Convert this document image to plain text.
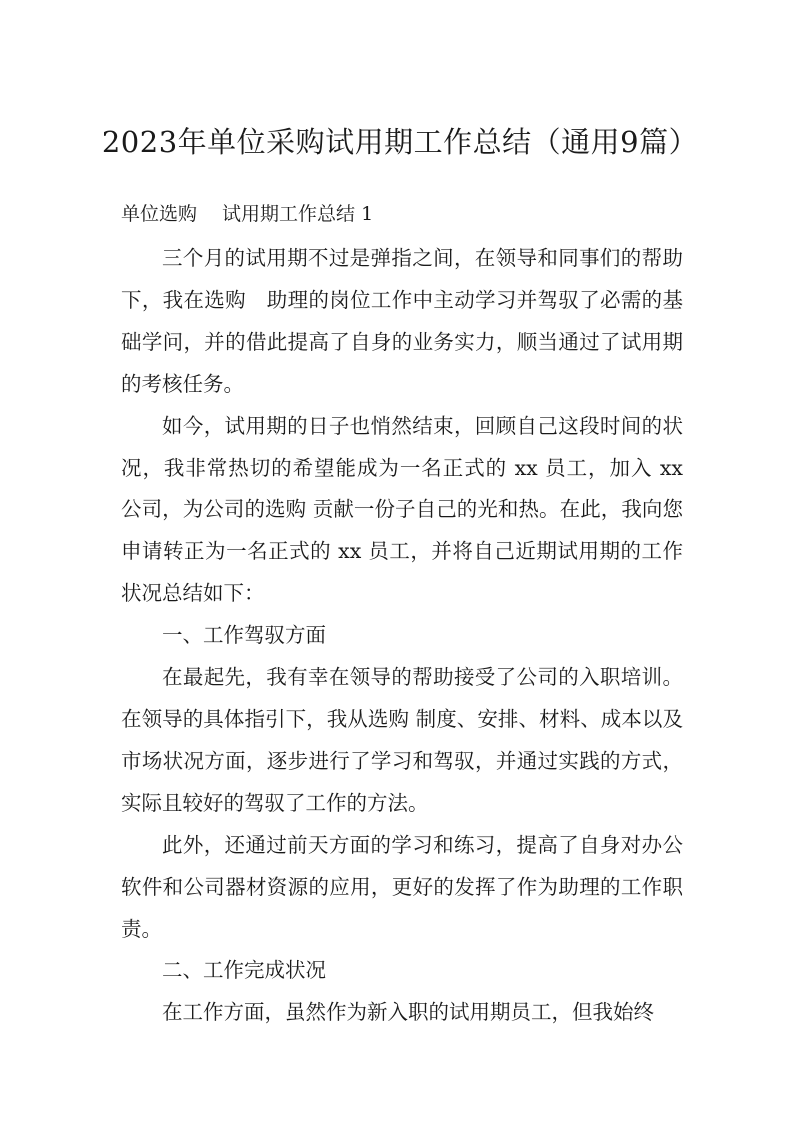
2023年单位采购试用期工作总结（通用9篇）
单位选购　 试用期工作总结 1

三个月的试用期不过是弹指之间，在领导和同事们的帮助下，我在选购　助理的岗位工作中主动学习并驾驭了必需的基础学问，并的借此提高了自身的业务实力，顺当通过了试用期的考核任务。

如今，试用期的日子也悄然结束，回顾自己这段时间的状况，我非常热切的希望能成为一名正式的 xx 员工，加入 xx 公司，为公司的选购 贡献一份子自己的光和热。在此，我向您申请转正为一名正式的 xx 员工，并将自己近期试用期的工作状况总结如下：

一、工作驾驭方面

在最起先，我有幸在领导的帮助接受了公司的入职培训。在领导的具体指引下，我从选购 制度、安排、材料、成本以及市场状况方面，逐步进行了学习和驾驭，并通过实践的方式，实际且较好的驾驭了工作的方法。

此外，还通过前天方面的学习和练习，提高了自身对办公软件和公司器材资源的应用，更好的发挥了作为助理的工作职责。

二、工作完成状况

在工作方面，虽然作为新入职的试用期员工，但我始终
